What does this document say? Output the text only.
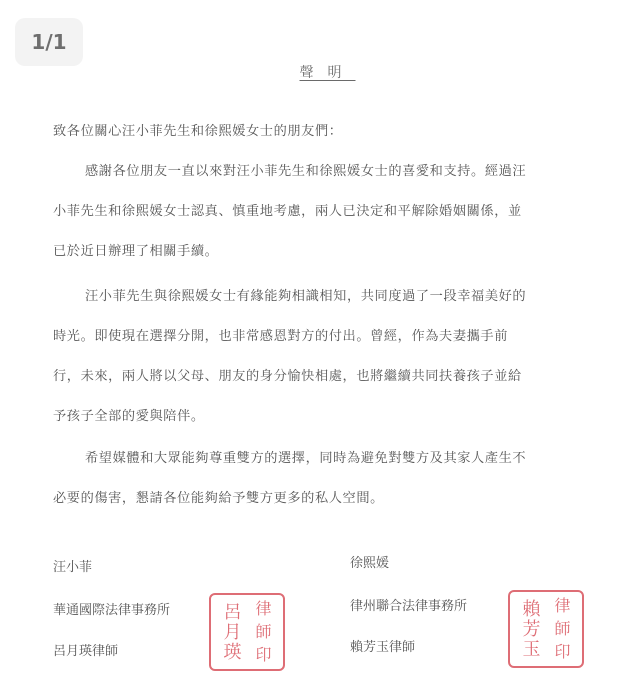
1/1
聲明
致各位關心汪小菲先生和徐熙媛女士的朋友們：
感謝各位朋友一直以來對汪小菲先生和徐熙媛女士的喜愛和支持。經過汪
小菲先生和徐熙媛女士認真、慎重地考慮，兩人已決定和平解除婚姻關係，並
已於近日辦理了相關手續。
汪小菲先生與徐熙媛女士有緣能夠相識相知，共同度過了一段幸福美好的
時光。即使現在選擇分開，也非常感恩對方的付出。曾經，作為夫妻攜手前
行，未來，兩人將以父母、朋友的身分愉快相處，也將繼續共同扶養孩子並給
予孩子全部的愛與陪伴。
希望媒體和大眾能夠尊重雙方的選擇，同時為避免對雙方及其家人產生不
必要的傷害，懇請各位能夠給予雙方更多的私人空間。
汪小菲
華通國際法律事務所
呂月瑛律師	呂月瑛 律
師
印
徐熙媛
律州聯合法律事務所
賴芳玉律師	賴芳玉 律
師
印
